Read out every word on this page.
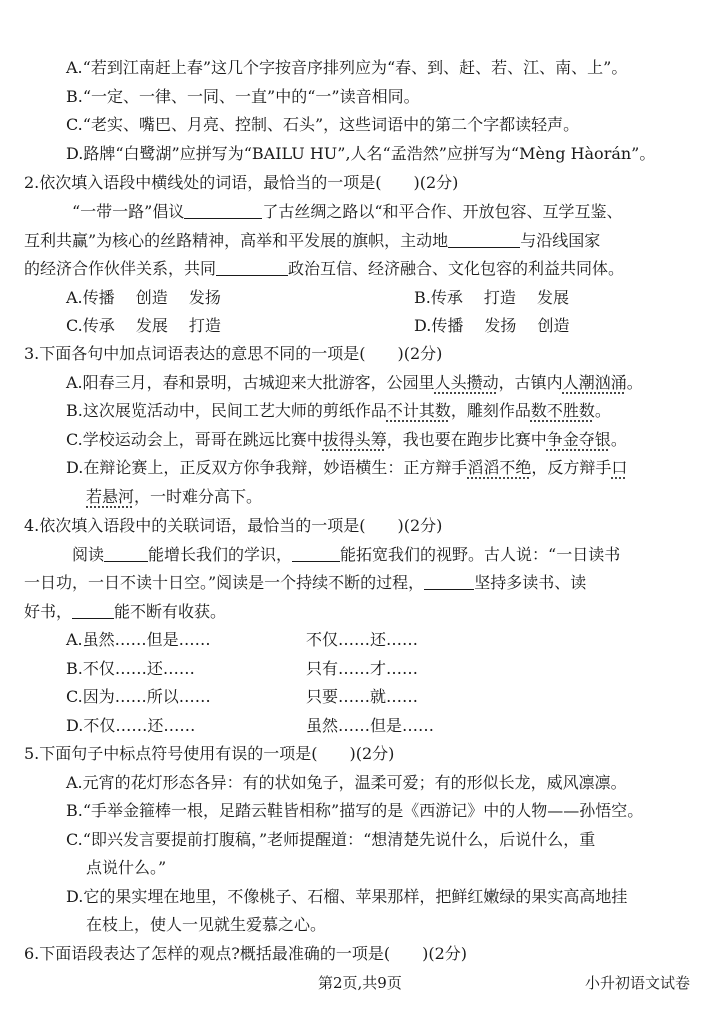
A.“若到江南赶上春”这几个字按音序排列应为“春、到、赶、若、江、南、上”。
B.“一定、一律、一同、一直”中的“一”读音相同。
C.“老实、嘴巴、月亮、控制、石头”，这些词语中的第二个字都读轻声。
D.路牌“白鹭湖”应拼写为“BAILU HU”,人名“孟浩然”应拼写为“Mèng Hàorán”。
2.依次填入语段中横线处的词语，最恰当的一项是(　　)(2分)
“一带一路”倡议	了古丝绸之路以“和平合作、开放包容、互学互鉴、
互利共赢”为核心的丝路精神，高举和平发展的旗帜，主动地	与沿线国家
的经济合作伙伴关系，共同	政治互信、经济融合、文化包容的利益共同体。
A.传播　 创造　 发扬	B.传承　 打造　 发展
C.传承　 发展　 打造	D.传播　 发扬　 创造
3.下面各句中加点词语表达的意思不同的一项是(　　)(2分)
A.阳春三月，春和景明，古城迎来大批游客，公园里人头攒动，古镇内人潮汹涌。
B.这次展览活动中，民间工艺大师的剪纸作品不计其数，雕刻作品数不胜数。
C.学校运动会上，哥哥在跳远比赛中拔得头筹，我也要在跑步比赛中争金夺银。
D.在辩论赛上，正反双方你争我辩，妙语横生：正方辩手滔滔不绝，反方辩手口
若悬河，一时难分高下。
4.依次填入语段中的关联词语，最恰当的一项是(　　)(2分)
阅读	能增长我们的学识，	能拓宽我们的视野。古人说：“一日读书
一日功，一日不读十日空。”阅读是一个持续不断的过程，	坚持多读书、读
好书，	能不断有收获。
A.虽然……但是……	不仅……还……
B.不仅……还……	只有……才……
C.因为……所以……	只要……就……
D.不仅……还……	虽然……但是……
5.下面句子中标点符号使用有误的一项是(　　)(2分)
A.元宵的花灯形态各异：有的状如兔子，温柔可爱；有的形似长龙，威风凛凛。
B.“手举金箍棒一根，足踏云鞋皆相称”描写的是《西游记》中的人物——孙悟空。
C.“即兴发言要提前打腹稿，”老师提醒道：“想清楚先说什么，后说什么，重
点说什么。”
D.它的果实埋在地里，不像桃子、石榴、苹果那样，把鲜红嫩绿的果实高高地挂
在枝上，使人一见就生爱慕之心。
6.下面语段表达了怎样的观点?概括最准确的一项是(　　)(2分)
第2页,共9页	小升初语文试卷
